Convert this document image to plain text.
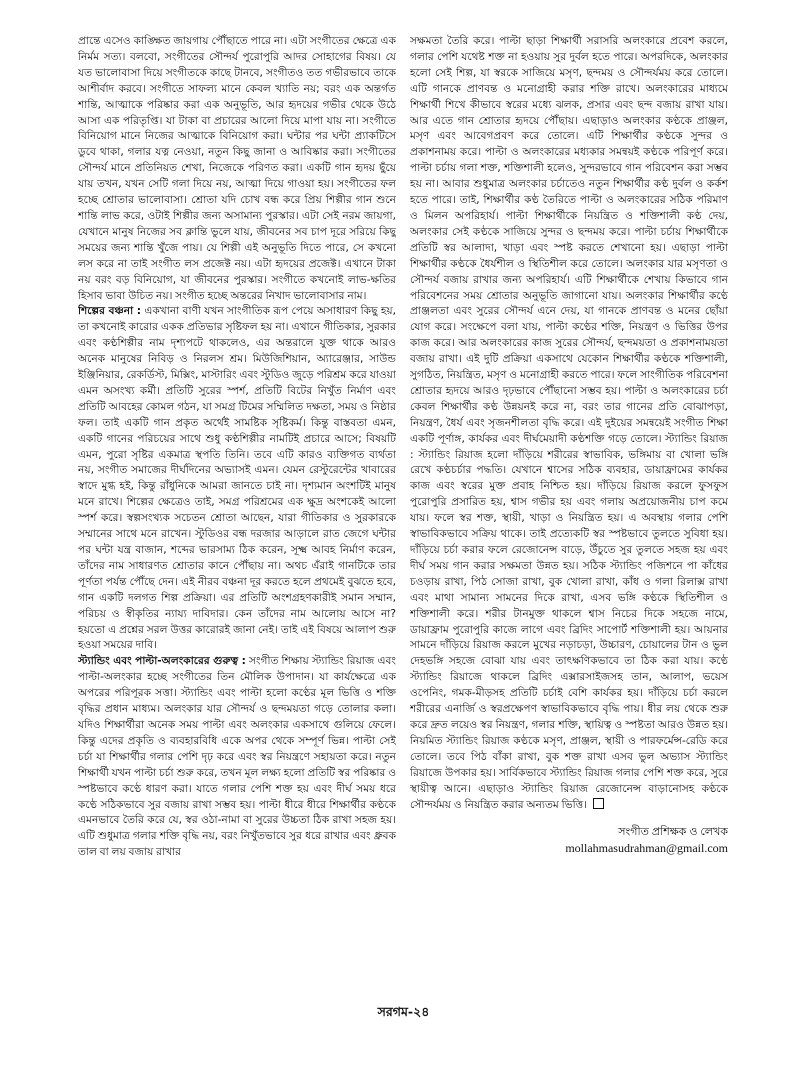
প্রান্তে এসেও কাঙ্ক্ষিত জায়গায় পৌঁছাতে পারে না। এটা সংগীতের ক্ষেত্রে এক নির্মম সত্য। বলবো, সংগীতের সৌন্দর্য পুরোপুরি আদর সোহাগের বিষয়। যে যত ভালোবাসা দিয়ে সংগীতকে কাছে টানবে, সংগীতও তত গভীরভাবে তাকে আশীর্বাদ করবে। সংগীতে সাফল্য মানে কেবল খ্যাতি নয়; বরং এক অন্তর্গত শান্তি, আত্মাকে পরিষ্কার করা এক অনুভূতি, আর হৃদয়ের গভীর থেকে উঠে আসা এক পরিতৃপ্তি। যা টাকা বা প্রচারের আলো দিয়ে মাপা যায় না। সংগীতে বিনিয়োগ মানে নিজের আত্মাকে বিনিয়োগ করা। ঘন্টার পর ঘন্টা প্র্যাকটিসে ডুবে থাকা, গলার যত্ন নেওয়া, নতুন কিছু জানা ও আবিষ্কার করা। সংগীতের সৌন্দর্য মানে প্রতিনিয়ত শেখা, নিজেকে পরিণত করা। একটি গান হৃদয় ছুঁয়ে যায় তখন, যখন সেটি গলা দিয়ে নয়, আত্মা দিয়ে গাওয়া হয়। সংগীতের ফল হচ্ছে শ্রোতার ভালোবাসা। শ্রোতা যদি চোখ বন্ধ করে প্রিয় শিল্পীর গান শুনে শান্তি লাভ করে, ওটাই শিল্পীর জন্য অসামান্য পুরস্কার। এটা সেই নরম জায়গা, যেখানে মানুষ নিজের সব ক্লান্তি ভুলে যায়, জীবনের সব চাপ দূরে সরিয়ে কিছু সময়ের জন্য শান্তি খুঁজে পায়। যে শিল্পী এই অনুভূতি দিতে পারে, সে কখনো লস করে না তাই সংগীত লস প্রজেক্ট নয়। এটা হৃদয়ের প্রজেক্ট। এখানে টাকা নয় বরং বড় বিনিয়োগ, যা জীবনের পুরস্কার। সংগীতে কখনোই লাভ-ক্ষতির হিসাব ভাবা উচিত নয়। সংগীত হচ্ছে অন্তরের নিখাদ ভালোবাসার নাম।

শিল্পের বঞ্চনা : একখানা বাণী যখন সাংগীতিক রূপ পেয়ে অসাধারণ কিছু হয়, তা কখনোই কারোর একক প্রতিভার সৃষ্টিফল হয় না। এখানে গীতিকার, সুরকার এবং কণ্ঠশিল্পীর নাম দৃশ্যপটে থাকলেও, এর অন্তরালে যুক্ত থাকে আরও অনেক মানুষের নিবিড় ও নিরলস শ্রম। মিউজিশিয়ান, অ্যারেঞ্জার, সাউন্ড ইঞ্জিনিয়ার, রেকর্ডিস্ট, মিক্সিং, মাস্টারিং এবং স্টুডিও জুড়ে পরিশ্রম করে যাওয়া এমন অসংখ্য কর্মী। প্রতিটি সুরের স্পর্শ, প্রতিটি বিটের নিখুঁত নির্মাণ এবং প্রতিটি আবহের কোমল গঠন, যা সমগ্র টিমের সম্মিলিত দক্ষতা, সময় ও নিষ্ঠার ফল। তাই একটি গান প্রকৃত অর্থেই সামষ্টিক সৃষ্টিকর্ম। কিন্তু বাস্তবতা এমন, একটি গানের পরিচয়ের সাথে শুধু কণ্ঠশিল্পীর নামটিই প্রচারে আসে; বিষয়টি এমন, পুরো সৃষ্টির একমাত্র স্থপতি তিনি। তবে এটি কারও ব্যক্তিগত ব্যর্থতা নয়, সংগীত সমাজের দীর্ঘদিনের অভ্যাসই এমন। যেমন রেস্টুরেন্টের খাবারের স্বাদে মুগ্ধ হই, কিন্তু রাঁধুনিকে আমরা জানতে চাই না। দৃশ্যমান অংশটিই মানুষ মনে রাখে। শিল্পের ক্ষেত্রেও তাই, সমগ্র পরিশ্রমের এক ক্ষুদ্র অংশকেই আলো স্পর্শ করে। স্বল্পসংখ্যক সচেতন শ্রোতা আছেন, যারা গীতিকার ও সুরকারকে সম্মানের সাথে মনে রাখেন। স্টুডিওর বন্ধ দরজার আড়ালে রাত জেগে ঘন্টার পর ঘন্টা যন্ত্র বাজান, শব্দের ভারসাম্য ঠিক করেন, সূক্ষ্ম আবহ নির্মাণ করেন, তাঁদের নাম সাধারণত শ্রোতার কানে পৌঁছায় না। অথচ এঁরাই গানটিকে তার পূর্ণতা পর্যন্ত পৌঁছে দেন। এই নীরব বঞ্চনা দূর করতে হলে প্রথমেই বুঝতে হবে, গান একটি দলগত শিল্প প্রক্রিয়া। এর প্রতিটি অংশগ্রহণকারীই সমান সম্মান, পরিচয় ও স্বীকৃতির ন্যায্য দাবিদার। কেন তাঁদের নাম আলোয় আসে না? হয়তো এ প্রশ্নের সরল উত্তর কারোরই জানা নেই। তাই এই বিষয়ে আলাপ শুরু হওয়া সময়ের দাবি।

স্ট্যান্ডিং এবং পাল্টা-অলংকারের গুরুত্ব : সংগীত শিক্ষায় স্ট্যান্ডিং রিয়াজ এবং পাল্টা-অলংকার হচ্ছে সংগীতের তিন মৌলিক উপাদান। যা কার্যক্ষেত্রে এক অপরের পরিপূরক সত্তা। স্ট্যান্ডিং এবং পাল্টা হলো কণ্ঠের মূল ভিত্তি ও শক্তি বৃদ্ধির প্রধান মাধ্যম। অলংকার যার সৌন্দর্য ও ছন্দময়তা গড়ে তোলার কলা। যদিও শিক্ষার্থীরা অনেক সময় পাল্টা এবং অলংকার একসাথে গুলিয়ে ফেলে। কিন্তু এদের প্রকৃতি ও ব্যবহারবিধি একে অপর থেকে সম্পূর্ণ ভিন্ন। পাল্টা সেই চর্চা যা শিক্ষার্থীর গলার পেশি দৃঢ় করে এবং স্বর নিয়ন্ত্রণে সহায়তা করে। নতুন শিক্ষার্থী যখন পাল্টা চর্চা শুরু করে, তখন মূল লক্ষ্য হলো প্রতিটি স্বর পরিষ্কার ও স্পষ্টভাবে কণ্ঠে ধারণ করা। যাতে গলার পেশি শক্ত হয় এবং দীর্ঘ সময় ধরে কণ্ঠে সঠিকভাবে সুর বজায় রাখা সম্ভব হয়। পাল্টা ধীরে ধীরে শিক্ষার্থীর কণ্ঠকে এমনভাবে তৈরি করে যে, স্বর ওঠা-নামা বা সুরের উচ্চতা ঠিক রাখা সহজ হয়। এটি শুধুমাত্র গলার শক্তি বৃদ্ধি নয়, বরং নিখুঁতভাবে সুর ধরে রাখার এবং ধ্রুবক তাল বা লয় বজায় রাখার

সক্ষমতা তৈরি করে। পাল্টা ছাড়া শিক্ষার্থী সরাসরি অলংকারে প্রবেশ করলে, গলার পেশি যথেষ্ট শক্ত না হওয়ায় সুর দুর্বল হতে পারে। অপরদিকে, অলংকার হলো সেই শিল্প, যা স্বরকে সাজিয়ে মসৃণ, ছন্দময় ও সৌন্দর্যময় করে তোলে। এটি গানকে প্রাণবন্ত ও মনোগ্রাহী করার শক্তি রাখে। অলংকারের মাধ্যমে শিক্ষার্থী শিখে কীভাবে স্বরের মধ্যে ঝলক, প্রসার এবং ছন্দ বজায় রাখা যায়। আর এতে গান শ্রোতার হৃদয়ে পৌঁছায়। এছাড়াও অলংকার কণ্ঠকে প্রাঞ্জল, মসৃণ এবং আবেগপ্রবণ করে তোলে। এটি শিক্ষার্থীর কণ্ঠকে সুন্দর ও প্রকাশনাময় করে। পাল্টা ও অলংকারের মধ্যকার সমন্বয়ই কণ্ঠকে পরিপূর্ণ করে। পাল্টা চর্চায় গলা শক্ত, শক্তিশালী হলেও, সুন্দরভাবে গান পরিবেশন করা সম্ভব হয় না। আবার শুধুমাত্র অলংকার চর্চাতেও নতুন শিক্ষার্থীর কণ্ঠ দুর্বল ও কর্কশ হতে পারে। তাই, শিক্ষার্থীর কণ্ঠ তৈরিতে পাল্টা ও অলংকারের সঠিক পরিমাণ ও মিলন অপরিহার্য। পাল্টা শিক্ষার্থীকে নিয়ন্ত্রিত ও শক্তিশালী কণ্ঠ দেয়, অলংকার সেই কণ্ঠকে সাজিয়ে সুন্দর ও ছন্দময় করে। পাল্টা চর্চায় শিক্ষার্থীকে প্রতিটি স্বর আলাদা, খাড়া এবং স্পষ্ট করতে শেখানো হয়। এছাড়া পাল্টা শিক্ষার্থীর কণ্ঠকে ধৈর্যশীল ও স্থিতিশীল করে তোলে। অলংকার যার মসৃণতা ও সৌন্দর্য বজায় রাখার জন্য অপরিহার্য। এটি শিক্ষার্থীকে শেখায় কিভাবে গান পরিবেশনের সময় শ্রোতার অনুভূতি জাগানো যায়। অলংকার শিক্ষার্থীর কণ্ঠে প্রাঞ্জলতা এবং সুরের সৌন্দর্য এনে দেয়, যা গানকে প্রাণবন্ত ও মনের ছোঁয়া যোগ করে। সংক্ষেপে বলা যায়, পাল্টা কণ্ঠের শক্তি, নিয়ন্ত্রণ ও ভিত্তির উপর কাজ করে। আর অলংকারের কাজ সুরের সৌন্দর্য, ছন্দময়তা ও প্রকাশনাময়তা বজায় রাখা। এই দুটি প্রক্রিয়া একসাথে যেকোন শিক্ষার্থীর কণ্ঠকে শক্তিশালী, সুগঠিত, নিয়ন্ত্রিত, মসৃণ ও মনোগ্রাহী করতে পারে। ফলে সাংগীতিক পরিবেশনা শ্রোতার হৃদয়ে আরও দৃঢ়ভাবে পৌঁছানো সম্ভব হয়। পাল্টা ও অলংকারের চর্চা কেবল শিক্ষার্থীর কণ্ঠ উন্নয়নই করে না, বরং তার গানের প্রতি বোঝাপড়া, নিয়ন্ত্রণ, ধৈর্য এবং সৃজনশীলতা বৃদ্ধি করে। এই দুইয়ের সমন্বয়েই সংগীত শিক্ষা একটি পূর্ণাঙ্গ, কার্যকর এবং দীর্ঘমেয়াদী কণ্ঠশক্তি গড়ে তোলে। স্ট্যান্ডিং রিয়াজ : স্ট্যান্ডিং রিয়াজ হলো দাঁড়িয়ে শরীরের স্বাভাবিক, ভঙ্গিমায় বা খোলা ভঙ্গি রেখে কণ্ঠচর্চার পদ্ধতি। যেখানে শ্বাসের সঠিক ব্যবহার, ডায়াফ্রামের কার্যকর কাজ এবং স্বরের মুক্ত প্রবাহ নিশ্চিত হয়। দাঁড়িয়ে রিয়াজ করলে ফুসফুস পুরোপুরি প্রসারিত হয়, শ্বাস গভীর হয় এবং গলায় অপ্রয়োজনীয় চাপ কমে যায়। ফলে স্বর শক্ত, স্থায়ী, খাড়া ও নিয়ন্ত্রিত হয়। এ অবস্থায় গলার পেশি স্বাভাবিকভাবে সক্রিয় থাকে। তাই প্রত্যেকটি স্বর স্পষ্টভাবে তুলতে সুবিধা হয়। দাঁড়িয়ে চর্চা করার ফলে রেজোনেন্স বাড়ে, উঁচুতে সুর তুলতে সহজ হয় এবং দীর্ঘ সময় গান করার সক্ষমতা উন্নত হয়। সঠিক স্ট্যান্ডিং পজিশনে পা কাঁধের চওড়ায় রাখা, পিঠ সোজা রাখা, বুক খোলা রাখা, কাঁধ ও গলা রিলাক্স রাখা এবং মাথা সামান্য সামনের দিকে রাখা, এসব ভঙ্গি কণ্ঠকে স্থিতিশীল ও শক্তিশালী করে। শরীর টানমুক্ত থাকলে শ্বাস নিচের দিকে সহজে নামে, ডায়াফ্রাম পুরোপুরি কাজে লাগে এবং ব্রিদিং সাপোর্ট শক্তিশালী হয়। আয়নার সামনে দাঁড়িয়ে রিয়াজ করলে মুখের নড়াচড়া, উচ্চারণ, চোয়ালের টান ও ভুল দেহভঙ্গি সহজে বোঝা যায় এবং তাৎক্ষণিকভাবে তা ঠিক করা যায়। কণ্ঠে স্ট্যান্ডিং রিয়াজে থাকলে ব্রিদিং এক্সারসাইজসহ তান, আলাপ, ভয়েস ওপেনিং, গমক-মীড়সহ প্রতিটি চর্চাই বেশি কার্যকর হয়। দাঁড়িয়ে চর্চা করলে শরীরের এনার্জি ও স্বরপ্রক্ষেপণ স্বাভাবিকভাবে বৃদ্ধি পায়। ধীর লয় থেকে শুরু করে দ্রুত লয়েও স্বর নিয়ন্ত্রণ, গলার শক্তি, স্থায়িত্ব ও স্পষ্টতা আরও উন্নত হয়। নিয়মিত স্ট্যান্ডিং রিয়াজ কণ্ঠকে মসৃণ, প্রাঞ্জল, স্থায়ী ও পারফর্মেন্স-রেডি করে তোলে। তবে পিঠ বাঁকা রাখা, বুক শক্ত রাখা এসব ভুল অভ্যাস স্ট্যান্ডিং রিয়াজে উপকার হয়। সার্বিকভাবে স্ট্যান্ডিং রিয়াজ গলার পেশি শক্ত করে, সুরে স্থায়ীত্ব আনে। এছাড়াও স্ট্যান্ডিং রিয়াজ রেজোনেন্স বাড়ানোসহ কণ্ঠকে সৌন্দর্যময় ও নিয়ন্ত্রিত করার অন্যতম ভিত্তি।

সংগীত প্রশিক্ষক ও লেখক
mollahmasudrahman@gmail.com
সরগম-২৪
